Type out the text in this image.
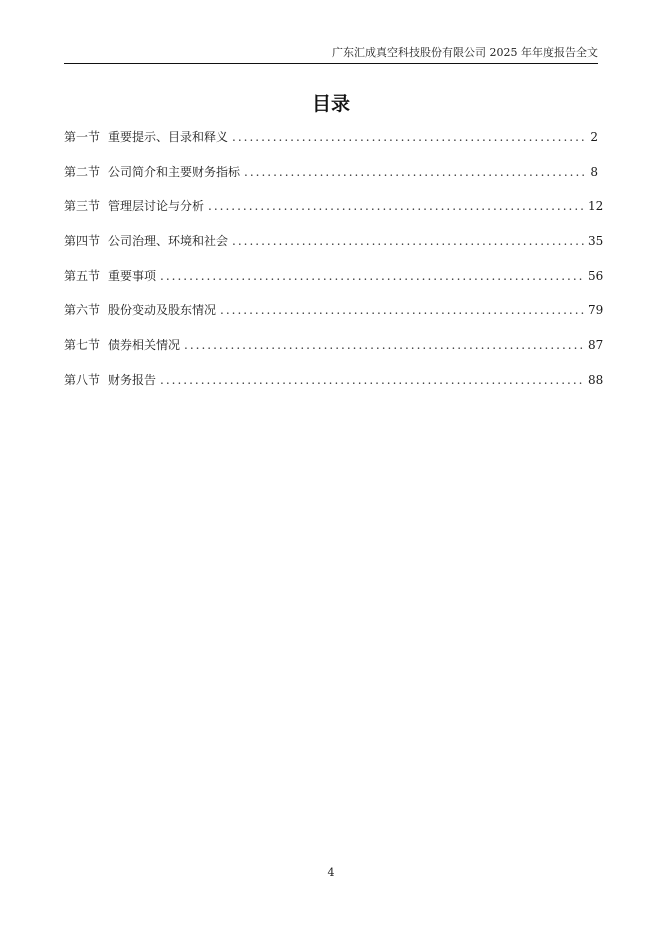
广东汇成真空科技股份有限公司 2025 年年度报告全文
目录
第一节 重要提示、目录和释义 .....	2
第二节 公司简介和主要财务指标 .....	8
第三节 管理层讨论与分析 .....	12
第四节 公司治理、环境和社会 .....	35
第五节 重要事项 .....	56
第六节 股份变动及股东情况 .....	79
第七节 债券相关情况 .....	87
第八节 财务报告 .....	88
4
